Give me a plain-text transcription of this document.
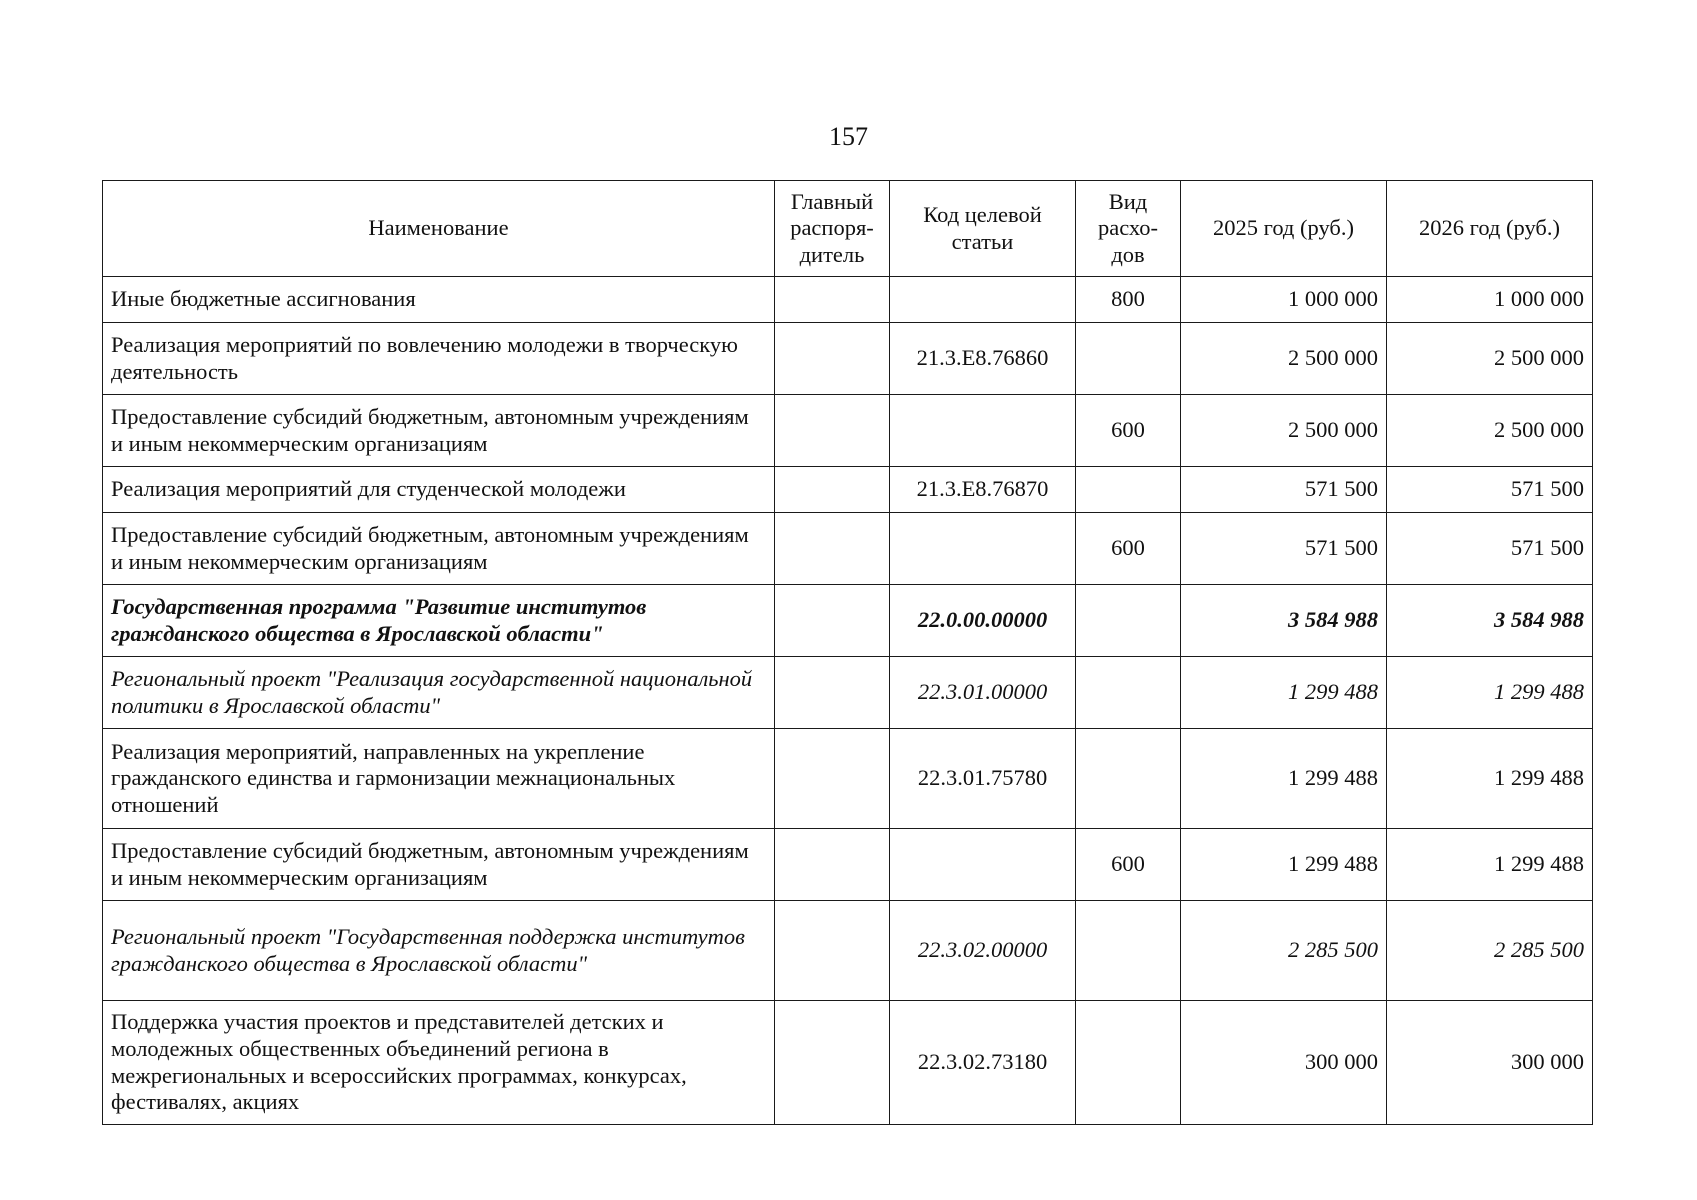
157
Наименование	Главный распоря-дитель	Код целевой статьи	Вид расхо-дов	2025 год (руб.)	2026 год (руб.)
Иные бюджетные ассигнования			800	1 000 000	1 000 000
Реализация мероприятий по вовлечению молодежи в творческую деятельность		21.3.E8.76860		2 500 000	2 500 000
Предоставление субсидий бюджетным, автономным учреждениям и иным некоммерческим организациям			600	2 500 000	2 500 000
Реализация мероприятий для студенческой молодежи		21.3.E8.76870		571 500	571 500
Предоставление субсидий бюджетным, автономным учреждениям и иным некоммерческим организациям			600	571 500	571 500
Государственная программа "Развитие институтов гражданского общества в Ярославской области"		22.0.00.00000		3 584 988	3 584 988
Региональный проект "Реализация государственной национальной политики в Ярославской области"		22.3.01.00000		1 299 488	1 299 488
Реализация мероприятий, направленных на укрепление гражданского единства и гармонизации межнациональных отношений		22.3.01.75780		1 299 488	1 299 488
Предоставление субсидий бюджетным, автономным учреждениям и иным некоммерческим организациям			600	1 299 488	1 299 488
Региональный проект "Государственная поддержка институтов гражданского общества в Ярославской области"		22.3.02.00000		2 285 500	2 285 500
Поддержка участия проектов и представителей детских и молодежных общественных объединений региона в межрегиональных и всероссийских программах, конкурсах, фестивалях, акциях		22.3.02.73180		300 000	300 000
